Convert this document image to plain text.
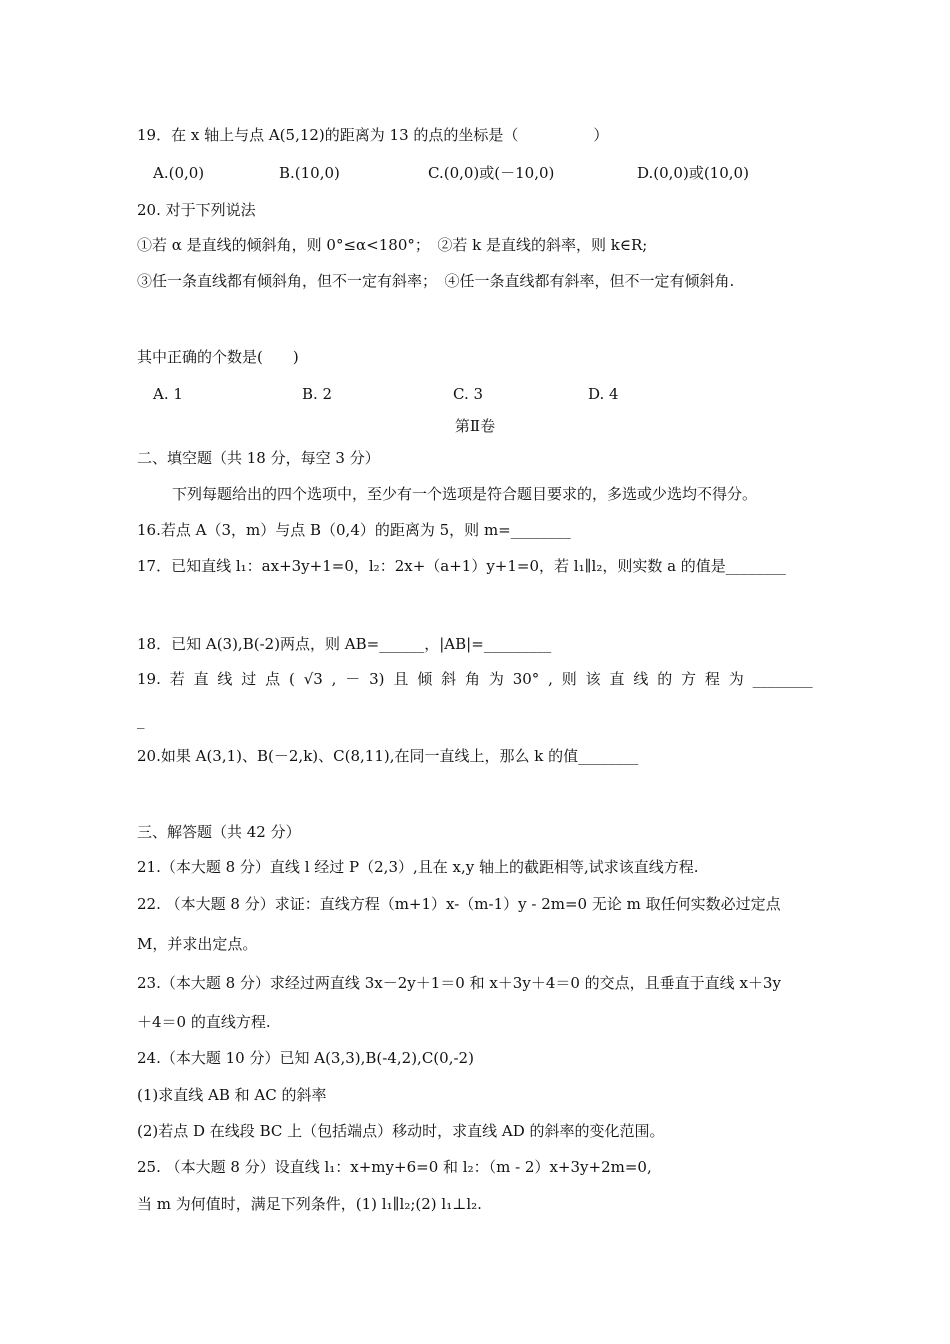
19．在 x 轴上与点 A(5,12)的距离为 13 的点的坐标是（　　　　　）
A.(0,0)	B.(10,0)	C.(0,0)或(－10,0)	D.(0,0)或(10,0)
20. 对于下列说法
①若 α 是直线的倾斜角，则 0°≤α<180°；　②若 k 是直线的斜率，则 k∈R;
③任一条直线都有倾斜角，但不一定有斜率；　④任一条直线都有斜率，但不一定有倾斜角.
其中正确的个数是(　　)
A. 1	B. 2	C. 3	D. 4
第Ⅱ卷
二、填空题（共 18 分，每空 3 分）
下列每题给出的四个选项中，至少有一个选项是符合题目要求的，多选或少选均不得分。
16.若点 A（3，m）与点 B（0,4）的距离为 5，则 m=________
17．已知直线 l₁：ax+3y+1=0，l₂：2x+（a+1）y+1=0，若 l₁∥l₂，则实数 a 的值是________
18．已知 A(3),B(-2)两点，则 AB=______，|AB|=_________
19. 若 直 线 过 点 ( √3 , － 3) 且 倾 斜 角 为 30° , 则 该 直 线 的 方 程 为 ________
_
20.如果 A(3,1)、B(－2,k)、C(8,11),在同一直线上，那么 k 的值________
三、解答题（共 42 分）
21.（本大题 8 分）直线 l 经过 P（2,3）,且在 x,y 轴上的截距相等,试求该直线方程.
22. （本大题 8 分）求证：直线方程（m+1）x-（m-1）y - 2m=0 无论 m 取任何实数必过定点
M，并求出定点。
23.（本大题 8 分）求经过两直线 3x－2y＋1＝0 和 x＋3y＋4＝0 的交点，且垂直于直线 x＋3y
＋4＝0 的直线方程.
24.（本大题 10 分）已知 A(3,3),B(-4,2),C(0,-2)
(1)求直线 AB 和 AC 的斜率
(2)若点 D 在线段 BC 上（包括端点）移动时，求直线 AD 的斜率的变化范围。
25. （本大题 8 分）设直线 l₁：x+my+6=0 和 l₂：（m - 2）x+3y+2m=0,
当 m 为何值时，满足下列条件，(1) l₁∥l₂;(2) l₁⊥l₂.
